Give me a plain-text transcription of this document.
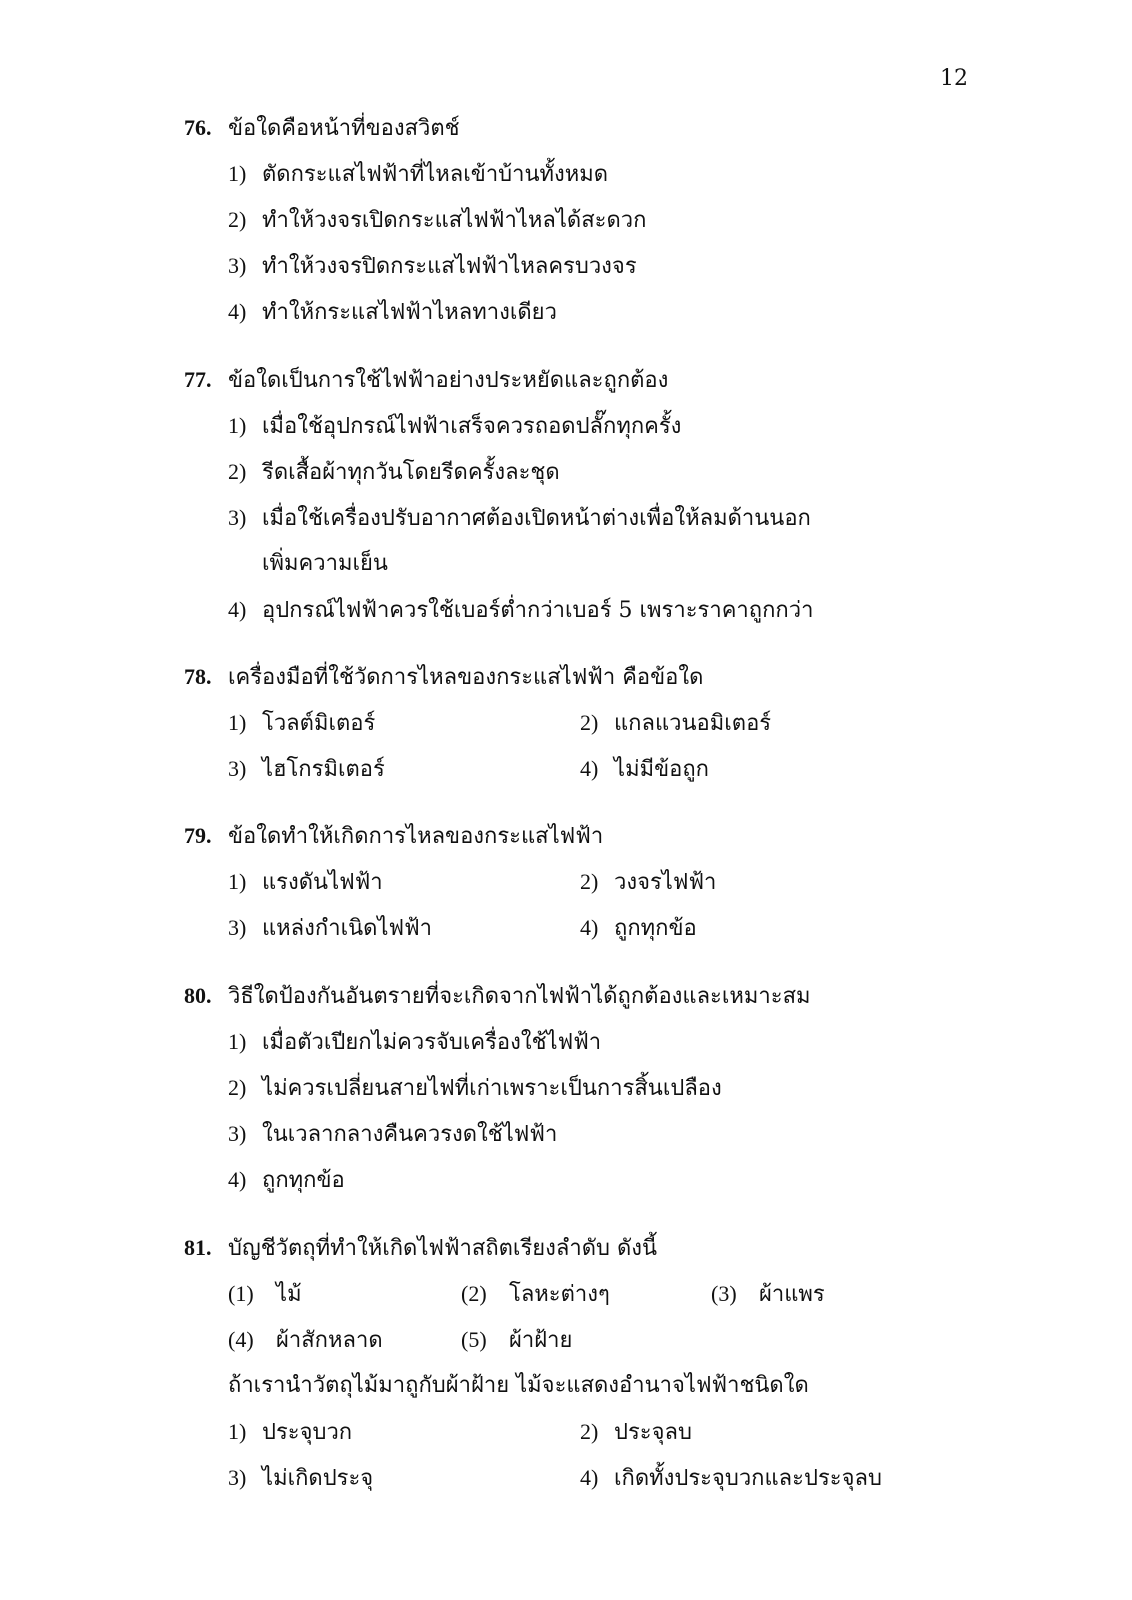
12
76. ข้อใดคือหน้าที่ของสวิตช์
1) ตัดกระแสไฟฟ้าที่ไหลเข้าบ้านทั้งหมด
2) ทำให้วงจรเปิดกระแสไฟฟ้าไหลได้สะดวก
3) ทำให้วงจรปิดกระแสไฟฟ้าไหลครบวงจร
4) ทำให้กระแสไฟฟ้าไหลทางเดียว
77. ข้อใดเป็นการใช้ไฟฟ้าอย่างประหยัดและถูกต้อง
1) เมื่อใช้อุปกรณ์ไฟฟ้าเสร็จควรถอดปลั๊กทุกครั้ง
2) รีดเสื้อผ้าทุกวันโดยรีดครั้งละชุด
3) เมื่อใช้เครื่องปรับอากาศต้องเปิดหน้าต่างเพื่อให้ลมด้านนอก
เพิ่มความเย็น
4) อุปกรณ์ไฟฟ้าควรใช้เบอร์ต่ำกว่าเบอร์ 5 เพราะราคาถูกกว่า
78. เครื่องมือที่ใช้วัดการไหลของกระแสไฟฟ้า คือข้อใด
1) โวลต์มิเตอร์	2) แกลแวนอมิเตอร์
3) ไฮโกรมิเตอร์	4) ไม่มีข้อถูก
79. ข้อใดทำให้เกิดการไหลของกระแสไฟฟ้า
1) แรงดันไฟฟ้า	2) วงจรไฟฟ้า
3) แหล่งกำเนิดไฟฟ้า	4) ถูกทุกข้อ
80. วิธีใดป้องกันอันตรายที่จะเกิดจากไฟฟ้าได้ถูกต้องและเหมาะสม
1) เมื่อตัวเปียกไม่ควรจับเครื่องใช้ไฟฟ้า
2) ไม่ควรเปลี่ยนสายไฟที่เก่าเพราะเป็นการสิ้นเปลือง
3) ในเวลากลางคืนควรงดใช้ไฟฟ้า
4) ถูกทุกข้อ
81. บัญชีวัตถุที่ทำให้เกิดไฟฟ้าสถิตเรียงลำดับ ดังนี้
(1) ไม้	(2) โลหะต่างๆ	(3) ผ้าแพร
(4) ผ้าสักหลาด	(5) ผ้าฝ้าย
ถ้าเรานำวัตถุไม้มาถูกับผ้าฝ้าย ไม้จะแสดงอำนาจไฟฟ้าชนิดใด
1) ประจุบวก	2) ประจุลบ
3) ไม่เกิดประจุ	4) เกิดทั้งประจุบวกและประจุลบ
